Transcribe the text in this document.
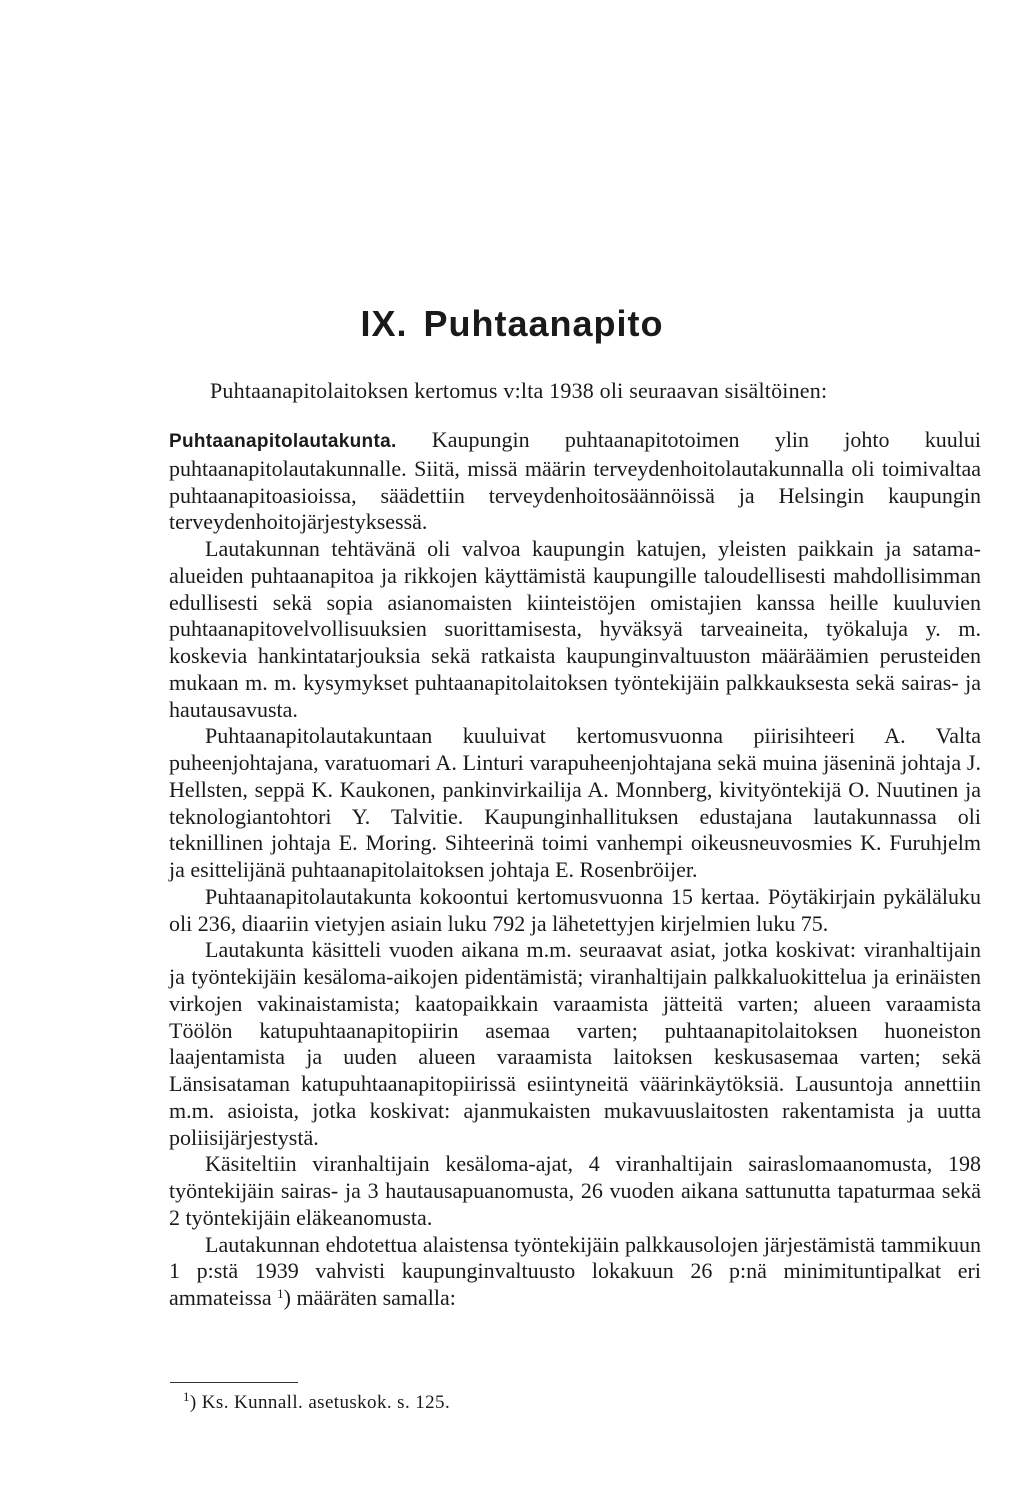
IX. Puhtaanapito

Puhtaanapitolaitoksen kertomus v:lta 1938 oli seuraavan sisältöinen:

Puhtaanapitolautakunta. Kaupungin puhtaanapitotoimen ylin johto kuului puhtaanapitolautakunnalle. Siitä, missä määrin terveydenhoitolautakunnalla oli toimivaltaa puhtaanapitoasioissa, säädettiin terveydenhoitosäännöissä ja Helsingin kaupungin terveydenhoitojärjestyksessä.

Lautakunnan tehtävänä oli valvoa kaupungin katujen, yleisten paikkain ja satama-alueiden puhtaanapitoa ja rikkojen käyttämistä kaupungille taloudellisesti mahdollisimman edullisesti sekä sopia asianomaisten kiinteistöjen omistajien kanssa heille kuuluvien puhtaanapitovelvollisuuksien suorittamisesta, hyväksyä tarveaineita, työkaluja y. m. koskevia hankintatarjouksia sekä ratkaista kaupunginvaltuuston määräämien perusteiden mukaan m. m. kysymykset puhtaanapitolaitoksen työntekijäin palkkauksesta sekä sairas- ja hautausavusta.

Puhtaanapitolautakuntaan kuuluivat kertomusvuonna piirisihteeri A. Valta puheenjohtajana, varatuomari A. Linturi varapuheenjohtajana sekä muina jäseninä johtaja J. Hellsten, seppä K. Kaukonen, pankinvirkailija A. Monnberg, kivityöntekijä O. Nuutinen ja teknologiantohtori Y. Talvitie. Kaupunginhallituksen edustajana lautakunnassa oli teknillinen johtaja E. Moring. Sihteerinä toimi vanhempi oikeusneuvosmies K. Furuhjelm ja esittelijänä puhtaanapitolaitoksen johtaja E. Rosenbröijer.

Puhtaanapitolautakunta kokoontui kertomusvuonna 15 kertaa. Pöytäkirjain pykäläluku oli 236, diaariin vietyjen asiain luku 792 ja lähetettyjen kirjelmien luku 75.

Lautakunta käsitteli vuoden aikana m.m. seuraavat asiat, jotka koskivat: viranhaltijain ja työntekijäin kesäloma-aikojen pidentämistä; viranhaltijain palkkaluokittelua ja erinäisten virkojen vakinaistamista; kaatopaikkain varaamista jätteitä varten; alueen varaamista Töölön katupuhtaanapitopiirin asemaa varten; puhtaanapitolaitoksen huoneiston laajentamista ja uuden alueen varaamista laitoksen keskusasemaa varten; sekä Länsisataman katupuhtaanapitopiirissä esiintyneitä väärinkäytöksiä. Lausuntoja annettiin m.m. asioista, jotka koskivat: ajanmukaisten mukavuuslaitosten rakentamista ja uutta poliisijärjestystä.

Käsiteltiin viranhaltijain kesäloma-ajat, 4 viranhaltijain sairaslomaanomusta, 198 työntekijäin sairas- ja 3 hautausapuanomusta, 26 vuoden aikana sattunutta tapaturmaa sekä 2 työntekijäin eläkeanomusta.

Lautakunnan ehdotettua alaistensa työntekijäin palkkausolojen järjestämistä tammikuun 1 p:stä 1939 vahvisti kaupunginvaltuusto lokakuun 26 p:nä minimituntipalkat eri ammateissa $^1$) määräten samalla:

$^1$) Ks. Kunnall. asetuskok. s. 125.
